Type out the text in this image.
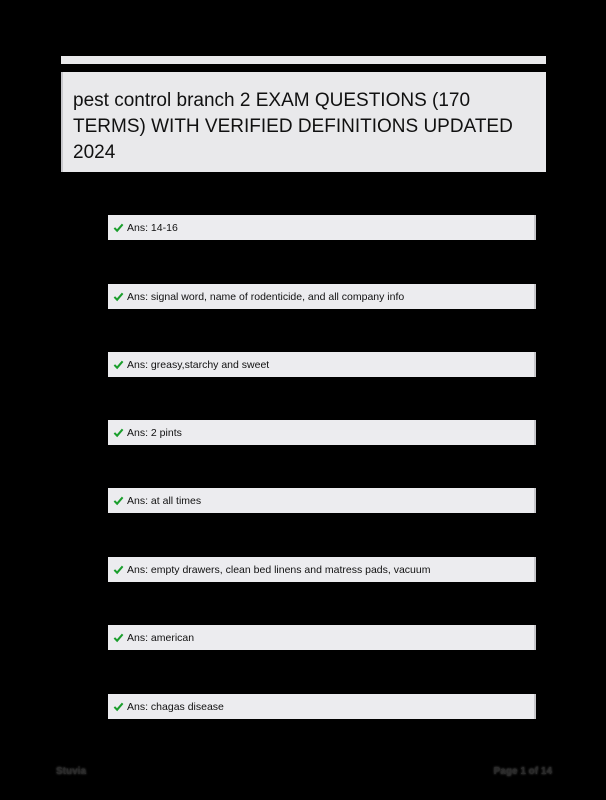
pest control branch 2 EXAM QUESTIONS (170 TERMS) WITH VERIFIED DEFINITIONS UPDATED 2024
Ans: 14-16
Ans: signal word, name of rodenticide, and all company info
Ans: greasy,starchy and sweet
Ans: 2 pints
Ans: at all times
Ans: empty drawers, clean bed linens and matress pads, vacuum
Ans: american
Ans: chagas disease
Stuvia	Page 1 of 14
